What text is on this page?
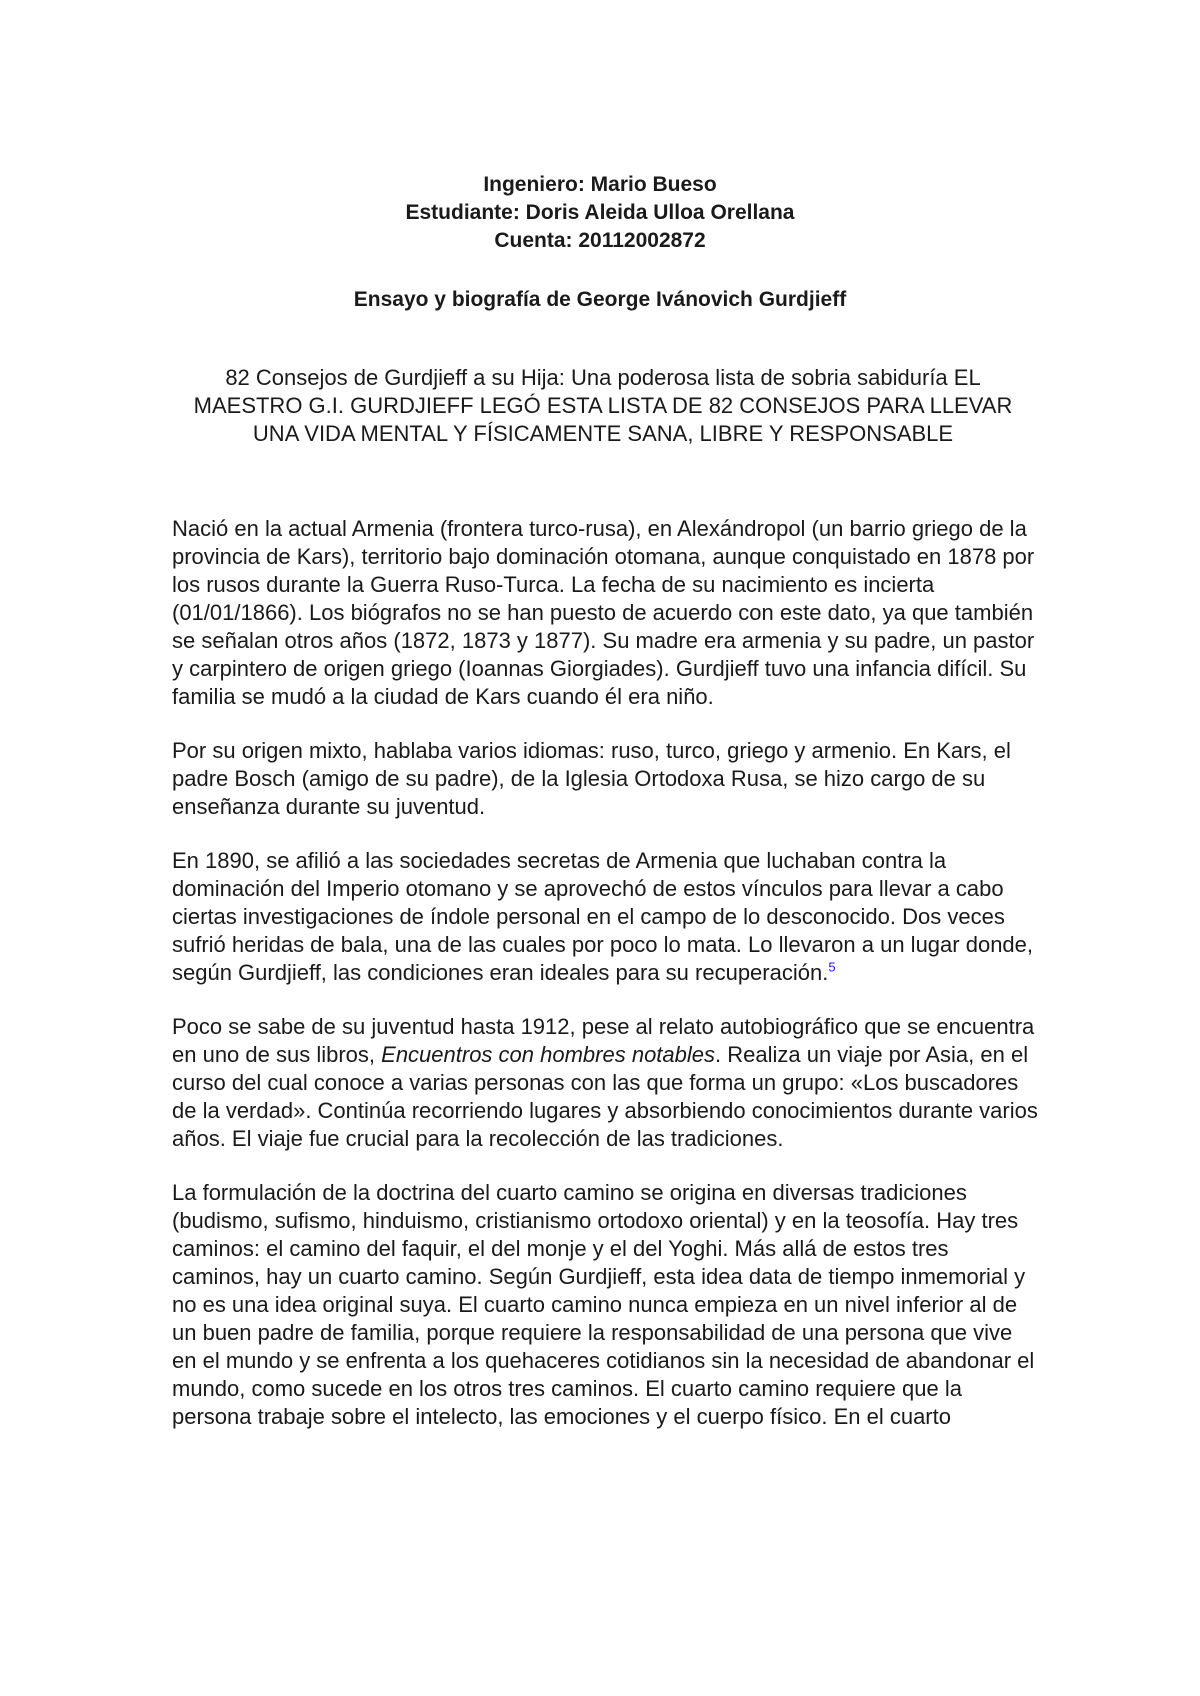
Ingeniero: Mario Bueso
Estudiante: Doris Aleida Ulloa Orellana
Cuenta: 20112002872
Ensayo y biografía de George Ivánovich Gurdjieff
82 Consejos de Gurdjieff a su Hija: Una poderosa lista de sobria sabiduría EL MAESTRO G.I. GURDJIEFF LEGÓ ESTA LISTA DE 82 CONSEJOS PARA LLEVAR UNA VIDA MENTAL Y FÍSICAMENTE SANA, LIBRE Y RESPONSABLE

Nació en la actual Armenia (frontera turco-rusa), en Alexándropol (un barrio griego de la provincia de Kars), territorio bajo dominación otomana, aunque conquistado en 1878 por los rusos durante la Guerra Ruso-Turca. La fecha de su nacimiento es incierta (01/01/1866). Los biógrafos no se han puesto de acuerdo con este dato, ya que también se señalan otros años (1872, 1873 y 1877). Su madre era armenia y su padre, un pastor y carpintero de origen griego (Ioannas Giorgiades). Gurdjieff tuvo una infancia difícil. Su familia se mudó a la ciudad de Kars cuando él era niño.

Por su origen mixto, hablaba varios idiomas: ruso, turco, griego y armenio. En Kars, el padre Bosch (amigo de su padre), de la Iglesia Ortodoxa Rusa, se hizo cargo de su enseñanza durante su juventud.

En 1890, se afilió a las sociedades secretas de Armenia que luchaban contra la dominación del Imperio otomano y se aprovechó de estos vínculos para llevar a cabo ciertas investigaciones de índole personal en el campo de lo desconocido. Dos veces sufrió heridas de bala, una de las cuales por poco lo mata. Lo llevaron a un lugar donde, según Gurdjieff, las condiciones eran ideales para su recuperación.$^5$

Poco se sabe de su juventud hasta 1912, pese al relato autobiográfico que se encuentra en uno de sus libros, Encuentros con hombres notables. Realiza un viaje por Asia, en el curso del cual conoce a varias personas con las que forma un grupo: «Los buscadores de la verdad». Continúa recorriendo lugares y absorbiendo conocimientos durante varios años. El viaje fue crucial para la recolección de las tradiciones.

La formulación de la doctrina del cuarto camino se origina en diversas tradiciones (budismo, sufismo, hinduismo, cristianismo ortodoxo oriental) y en la teosofía. Hay tres caminos: el camino del faquir, el del monje y el del Yoghi. Más allá de estos tres caminos, hay un cuarto camino. Según Gurdjieff, esta idea data de tiempo inmemorial y no es una idea original suya. El cuarto camino nunca empieza en un nivel inferior al de un buen padre de familia, porque requiere la responsabilidad de una persona que vive en el mundo y se enfrenta a los quehaceres cotidianos sin la necesidad de abandonar el mundo, como sucede en los otros tres caminos. El cuarto camino requiere que la persona trabaje sobre el intelecto, las emociones y el cuerpo físico. En el cuarto
